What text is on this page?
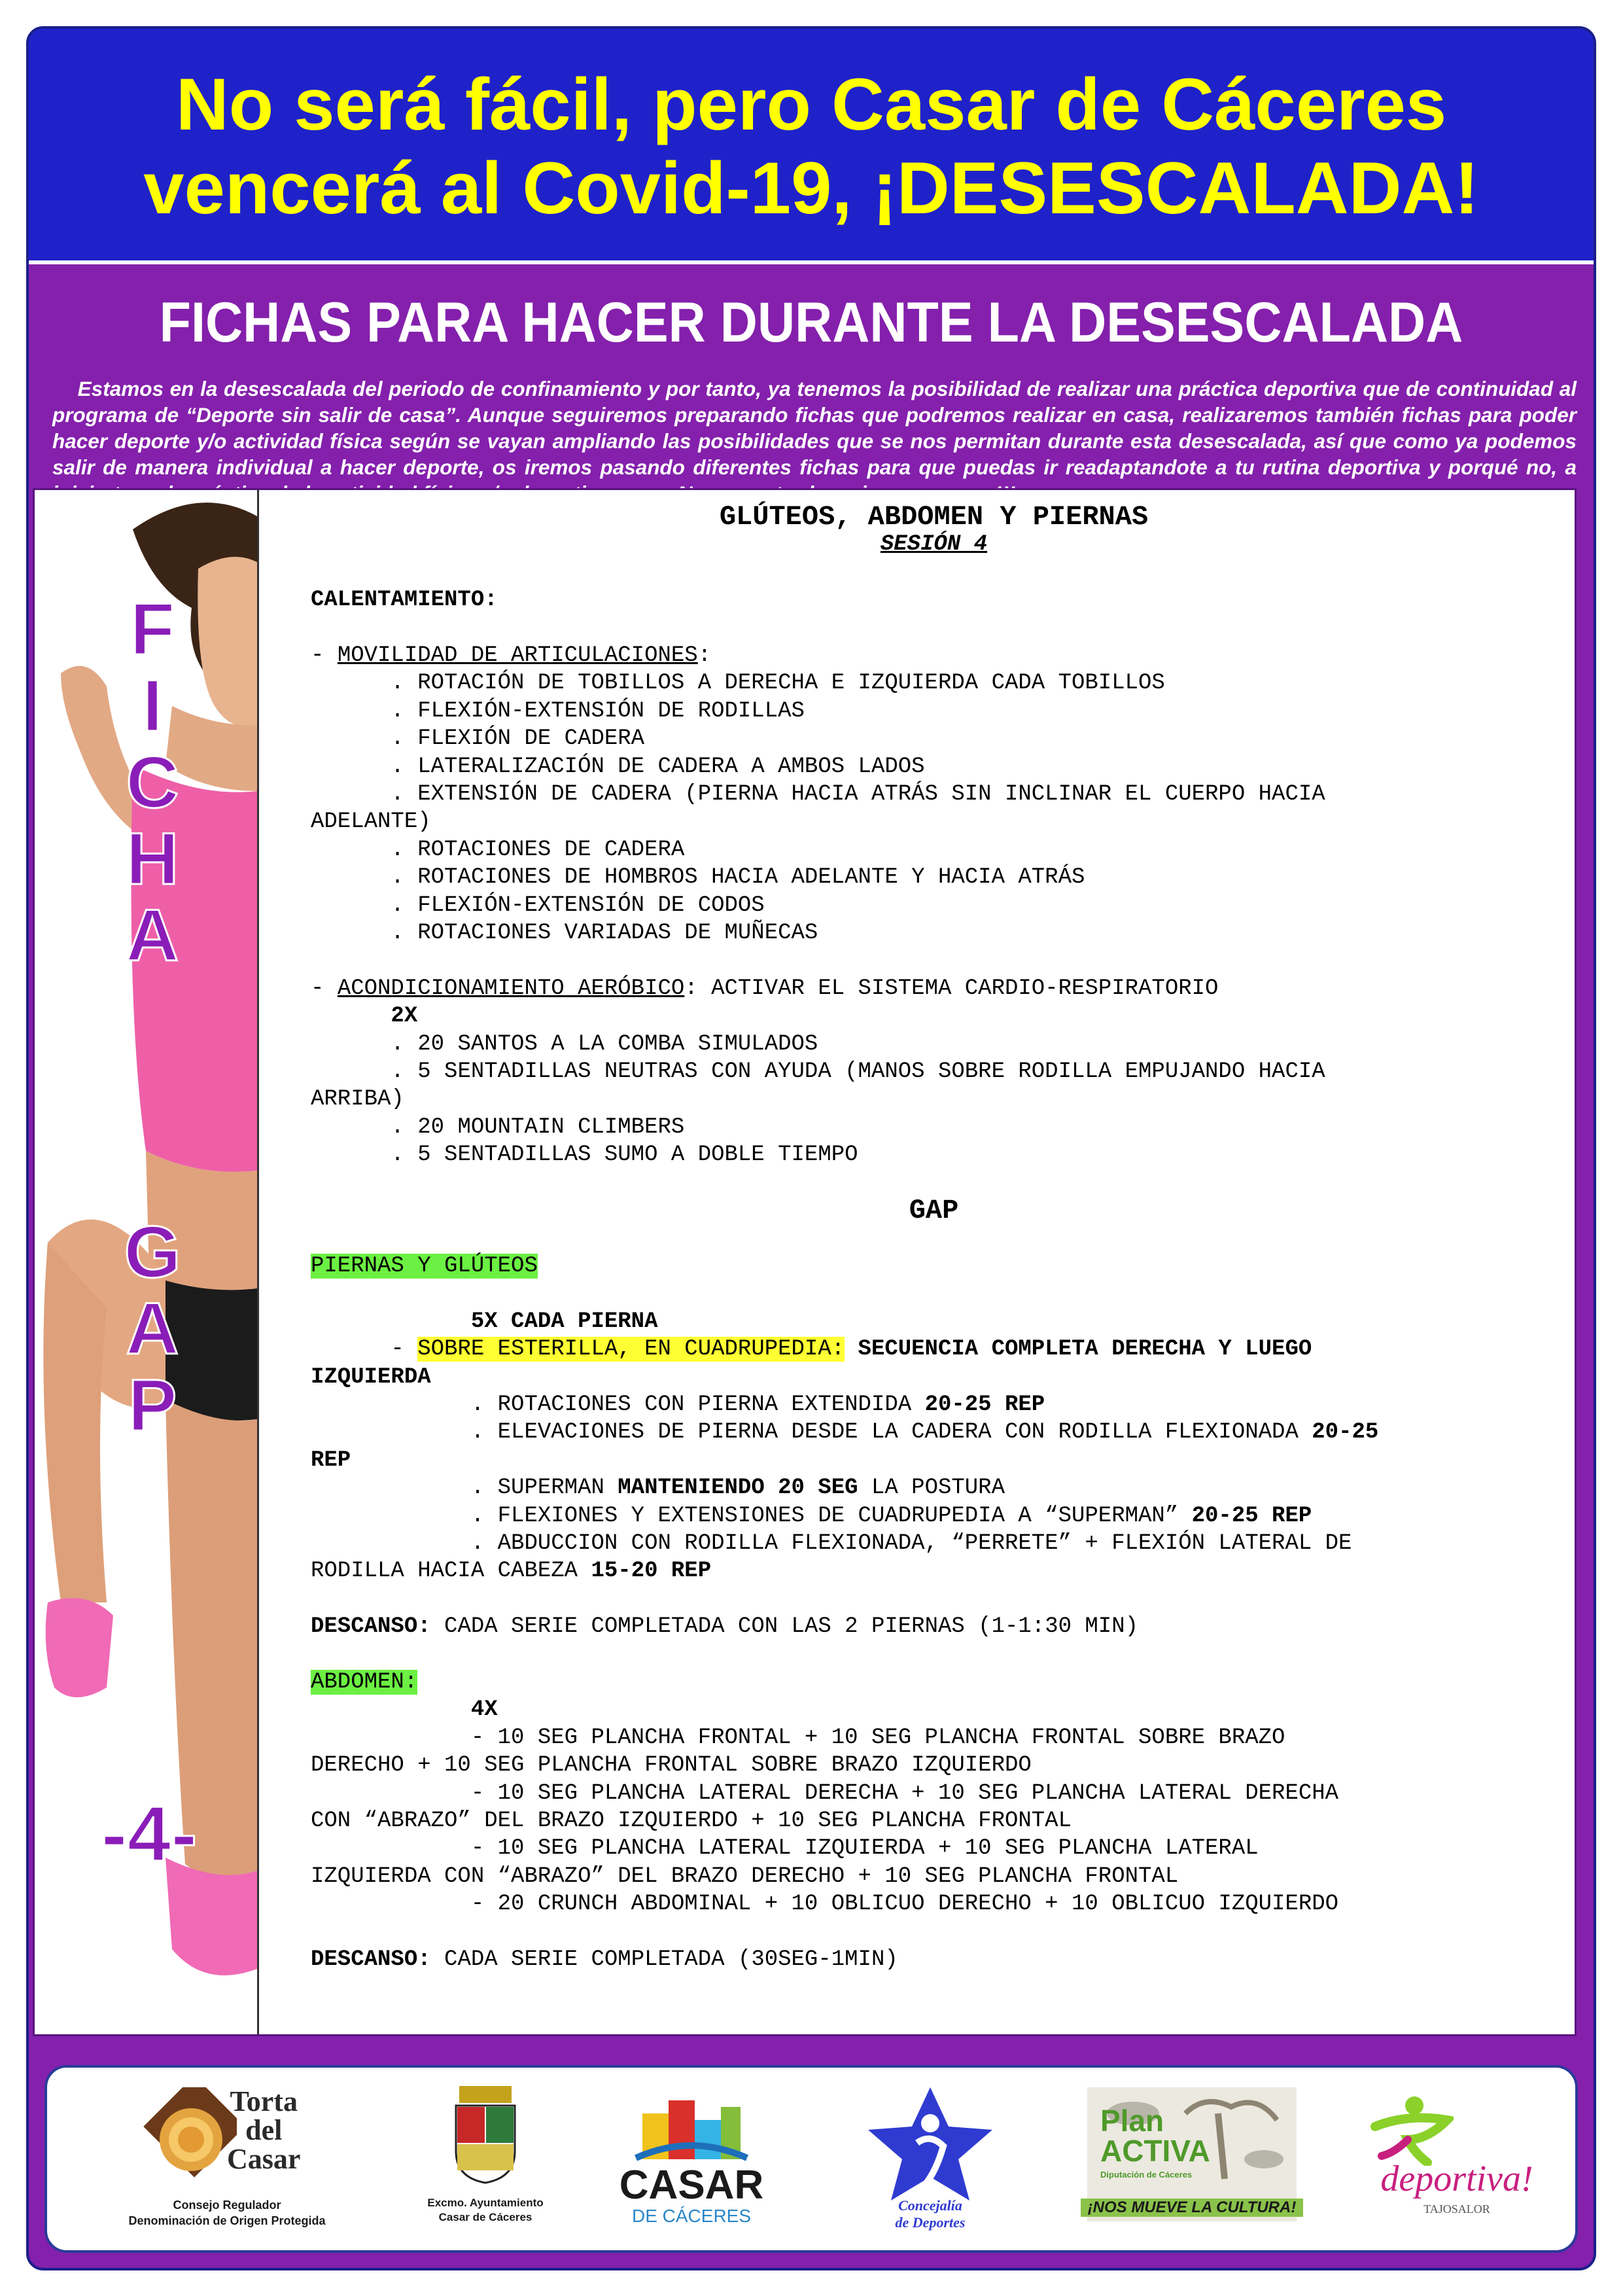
No será fácil, pero Casar de Cáceres
vencerá al Covid-19, ¡DESESCALADA!
FICHAS PARA HACER DURANTE LA DESESCALADA
Estamos en la desescalada del periodo de confinamiento y por tanto, ya tenemos la posibilidad de realizar una práctica deportiva que de continuidad al programa de “Deporte sin salir de casa”. Aunque seguiremos preparando fichas que podremos realizar en casa, realizaremos también fichas para poder hacer deporte y/o actividad física según se vayan ampliando las posibilidades que se nos permitan durante esta desescalada, así que como ya podemos salir de manera individual a hacer deporte, os iremos pasando diferentes fichas para que puedas ir readaptandote a tu rutina deportiva y porqué no, a
F
I
C
H
A
G
A
P
-4-

GLÚTEOS, ABDOMEN Y PIERNAS

SESIÓN 4

CALENTAMIENTO:

- MOVILIDAD DE ARTICULACIONES:

. ROTACIÓN DE TOBILLOS A DERECHA E IZQUIERDA CADA TOBILLOS

. FLEXIÓN-EXTENSIÓN DE RODILLAS

. FLEXIÓN DE CADERA

. LATERALIZACIÓN DE CADERA A AMBOS LADOS

. EXTENSIÓN DE CADERA (PIERNA HACIA ATRÁS SIN INCLINAR EL CUERPO HACIA

ADELANTE)

. ROTACIONES DE CADERA

. ROTACIONES DE HOMBROS HACIA ADELANTE Y HACIA ATRÁS

. FLEXIÓN-EXTENSIÓN DE CODOS

. ROTACIONES VARIADAS DE MUÑECAS

- ACONDICIONAMIENTO AERÓBICO: ACTIVAR EL SISTEMA CARDIO-RESPIRATORIO

2X

. 20 SANTOS A LA COMBA SIMULADOS

. 5 SENTADILLAS NEUTRAS CON AYUDA (MANOS SOBRE RODILLA EMPUJANDO HACIA

ARRIBA)

. 20 MOUNTAIN CLIMBERS

. 5 SENTADILLAS SUMO A DOBLE TIEMPO

GAP

PIERNAS Y GLÚTEOS

5X CADA PIERNA

- SOBRE ESTERILLA, EN CUADRUPEDIA: SECUENCIA COMPLETA DERECHA Y LUEGO

IZQUIERDA

. ROTACIONES CON PIERNA EXTENDIDA 20-25 REP

. ELEVACIONES DE PIERNA DESDE LA CADERA CON RODILLA FLEXIONADA 20-25

REP

. SUPERMAN MANTENIENDO 20 SEG LA POSTURA

. FLEXIONES Y EXTENSIONES DE CUADRUPEDIA A “SUPERMAN” 20-25 REP

. ABDUCCION CON RODILLA FLEXIONADA, “PERRETE” + FLEXIÓN LATERAL DE

RODILLA HACIA CABEZA 15-20 REP

DESCANSO: CADA SERIE COMPLETADA CON LAS 2 PIERNAS (1-1:30 MIN)

ABDOMEN:

4X

- 10 SEG PLANCHA FRONTAL + 10 SEG PLANCHA FRONTAL SOBRE BRAZO

DERECHO + 10 SEG PLANCHA FRONTAL SOBRE BRAZO IZQUIERDO

- 10 SEG PLANCHA LATERAL DERECHA + 10 SEG PLANCHA LATERAL DERECHA

CON “ABRAZO” DEL BRAZO IZQUIERDO + 10 SEG PLANCHA FRONTAL

- 10 SEG PLANCHA LATERAL IZQUIERDA + 10 SEG PLANCHA LATERAL

IZQUIERDA CON “ABRAZO” DEL BRAZO DERECHO + 10 SEG PLANCHA FRONTAL

- 20 CRUNCH ABDOMINAL + 10 OBLICUO DERECHO + 10 OBLICUO IZQUIERDO

DESCANSO: CADA SERIE COMPLETADA (30SEG-1MIN)

Torta
del
Casar
Consejo Regulador
Denominación de Origen Protegida
Excmo. Ayuntamiento
Casar de Cáceres
CASAR
DE CÁCERES
Concejalía
de Deportes
Plan
ACTIVA
Diputación de Cáceres
¡NOS MUEVE LA CULTURA!
deportiva!
TAJOSALOR
